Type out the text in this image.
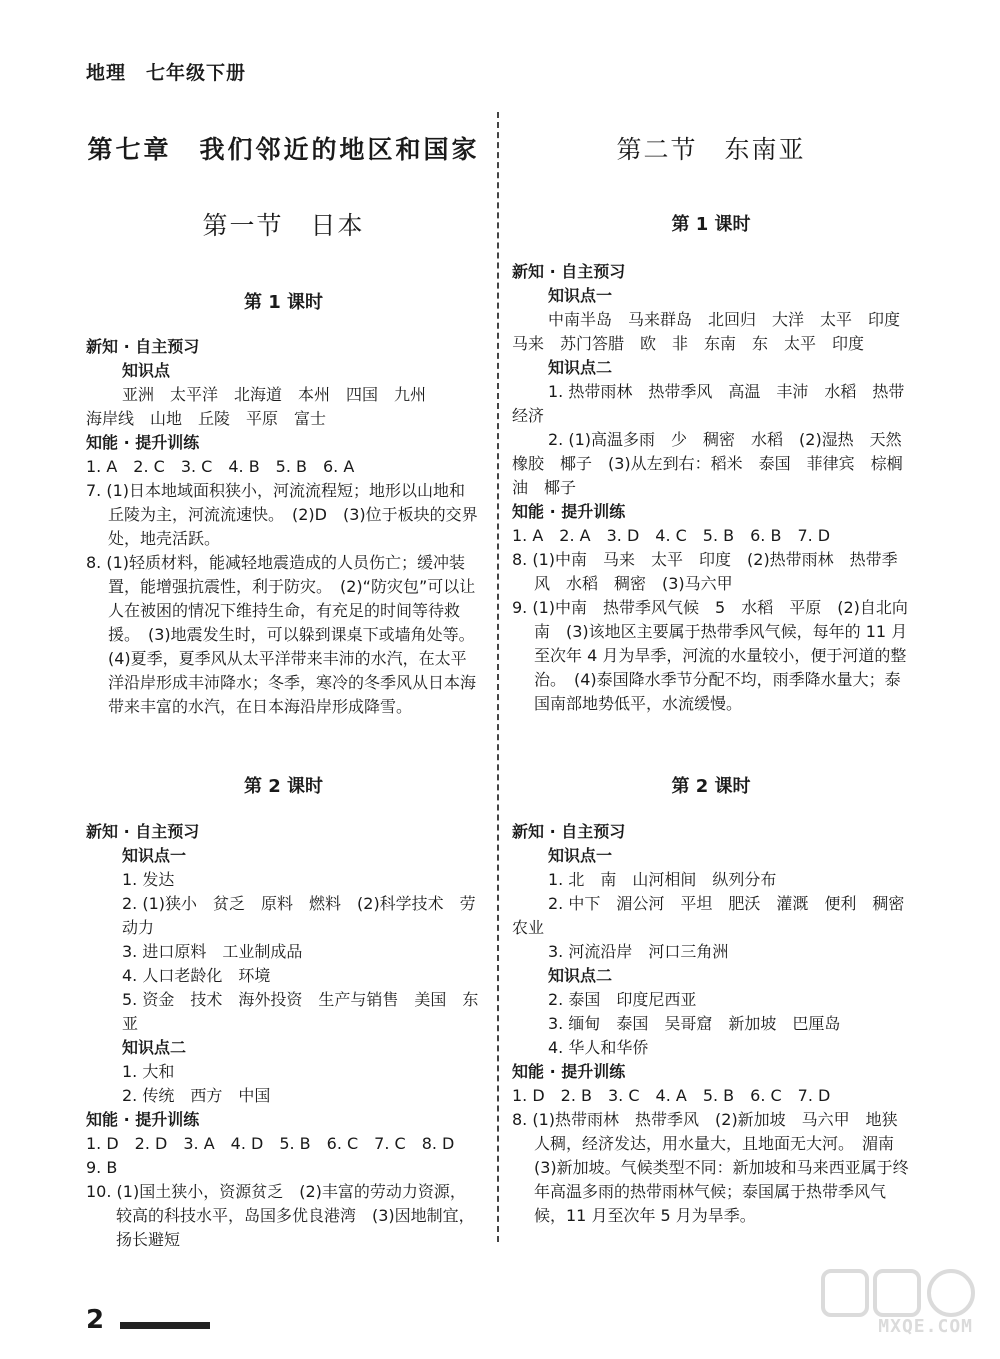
地理　七年级下册
第七章　我们邻近的地区和国家
第一节　日本
第 1 课时
新知 · 自主预习
知识点
亚洲　太平洋　北海道　本州　四国　九州
海岸线　山地　丘陵　平原　富士
知能 · 提升训练
1. A　2. C　3. C　4. B　5. B　6. A
7. (1)日本地域面积狭小，河流流程短；地形以山地和丘陵为主，河流流速快。　(2)D　(3)位于板块的交界处，地壳活跃。
8. (1)轻质材料，能减轻地震造成的人员伤亡；缓冲装置，能增强抗震性，利于防灾。　(2)“防灾包”可以让人在被困的情况下维持生命，有充足的时间等待救援。　(3)地震发生时，可以躲到课桌下或墙角处等。　(4)夏季，夏季风从太平洋带来丰沛的水汽，在太平洋沿岸形成丰沛降水；冬季，寒冷的冬季风从日本海带来丰富的水汽，在日本海沿岸形成降雪。
第 2 课时
新知 · 自主预习
知识点一
1. 发达
2. (1)狭小　贫乏　原料　燃料　(2)科学技术　劳动力
3. 进口原料　工业制成品
4. 人口老龄化　环境
5. 资金　技术　海外投资　生产与销售　美国　东亚
知识点二
1. 大和
2. 传统　西方　中国
知能 · 提升训练
1. D　2. D　3. A　4. D　5. B　6. C　7. C　8. D　9. B
10. (1)国土狭小，资源贫乏　(2)丰富的劳动力资源，较高的科技水平，岛国多优良港湾　(3)因地制宜，扬长避短
第二节　东南亚
第 1 课时
新知 · 自主预习
知识点一
中南半岛　马来群岛　北回归　大洋　太平　印度　马来　苏门答腊　欧　非　东南　东　太平　印度
知识点二
1. 热带雨林　热带季风　高温　丰沛　水稻　热带经济
2. (1)高温多雨　少　稠密　水稻　(2)湿热　天然橡胶　椰子　(3)从左到右：稻米　泰国　菲律宾　棕榈油　椰子
知能 · 提升训练
1. A　2. A　3. D　4. C　5. B　6. B　7. D
8. (1)中南　马来　太平　印度　(2)热带雨林　热带季风　水稻　稠密　(3)马六甲
9. (1)中南　热带季风气候　5　水稻　平原　(2)自北向南　(3)该地区主要属于热带季风气候，每年的 11 月至次年 4 月为旱季，河流的水量较小，便于河道的整治。　(4)泰国降水季节分配不均，雨季降水量大；泰国南部地势低平，水流缓慢。
第 2 课时
新知 · 自主预习
知识点一
1. 北　南　山河相间　纵列分布
2. 中下　湄公河　平坦　肥沃　灌溉　便利　稠密　农业
3. 河流沿岸　河口三角洲
知识点二
2. 泰国　印度尼西亚
3. 缅甸　泰国　吴哥窟　新加坡　巴厘岛
4. 华人和华侨
知能 · 提升训练
1. D　2. B　3. C　4. A　5. B　6. C　7. D
8. (1)热带雨林　热带季风　(2)新加坡　马六甲　地狭人稠，经济发达，用水量大，且地面无大河。　湄南　(3)新加坡。气候类型不同：新加坡和马来西亚属于终年高温多雨的热带雨林气候；泰国属于热带季风气候，11 月至次年 5 月为旱季。
2	MXQE.COM
